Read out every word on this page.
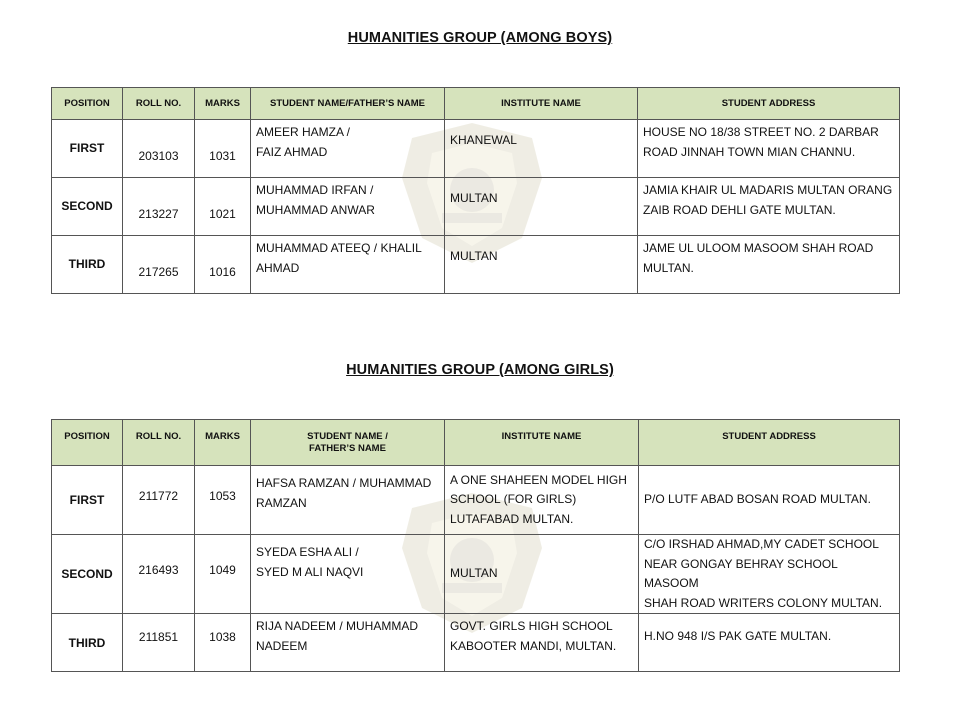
HUMANITIES GROUP (AMONG BOYS)
POSITION	ROLL NO.	MARKS	STUDENT NAME/FATHER’S NAME	INSTITUTE NAME	STUDENT ADDRESS
FIRST	203103	1031	AMEER HAMZA /
FAIZ AHMAD	KHANEWAL	HOUSE NO 18/38 STREET NO. 2 DARBAR
ROAD JINNAH TOWN MIAN CHANNU.

SECOND	213227	1021	MUHAMMAD IRFAN /
MUHAMMAD ANWAR	MULTAN	JAMIA KHAIR UL MADARIS MULTAN ORANG
ZAIB ROAD DEHLI GATE MULTAN.

THIRD	217265	1016	MUHAMMAD ATEEQ / KHALIL
AHMAD	MULTAN	JAME UL ULOOM MASOOM SHAH ROAD
MULTAN.
HUMANITIES GROUP (AMONG GIRLS)
POSITION	ROLL NO.	MARKS	STUDENT NAME /
FATHER’S NAME	INSTITUTE NAME	STUDENT ADDRESS
FIRST	211772	1053	HAFSA RAMZAN / MUHAMMAD
RAMZAN	A ONE SHAHEEN MODEL HIGH
SCHOOL (FOR GIRLS)
LUTAFABAD MULTAN.	P/O LUTF ABAD BOSAN ROAD MULTAN.

SECOND	216493	1049	SYEDA ESHA ALI /
SYED M ALI NAQVI	MULTAN	C/O IRSHAD AHMAD,MY CADET SCHOOL
NEAR GONGAY BEHRAY SCHOOL MASOOM
SHAH ROAD WRITERS COLONY MULTAN.

THIRD	211851	1038	RIJA NADEEM / MUHAMMAD
NADEEM	GOVT. GIRLS HIGH SCHOOL
KABOOTER MANDI, MULTAN.	H.NO 948 I/S PAK GATE MULTAN.
